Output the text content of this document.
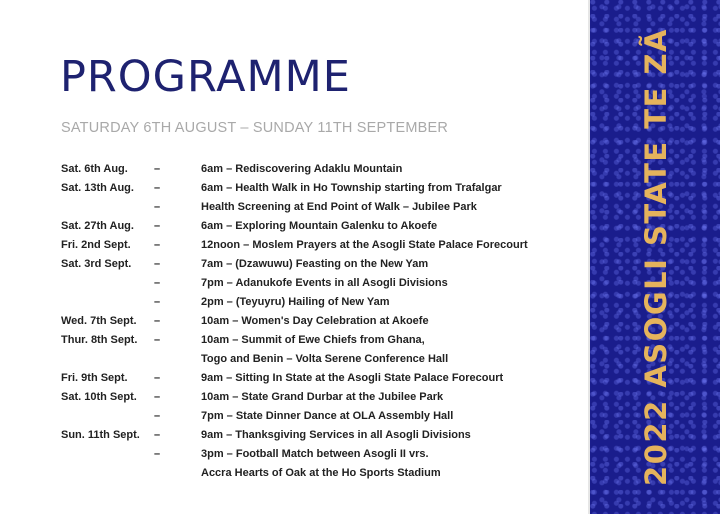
PROGRAMME
SATURDAY 6TH AUGUST – SUNDAY 11TH SEPTEMBER
Sat. 6th Aug. –	6am – Rediscovering Adaklu Mountain
Sat. 13th Aug. –	6am – Health Walk in Ho Township starting from Trafalgar
–	Health Screening at End Point of Walk – Jubilee Park
Sat. 27th Aug. –	6am – Exploring Mountain Galenku to Akoefe
Fri. 2nd Sept. –	12noon – Moslem Prayers at the Asogli State Palace Forecourt
Sat. 3rd Sept. –	7am – (Dzawuwu) Feasting on the New Yam
–	7pm – Adanukofe Events in all Asogli Divisions
–	2pm – (Teyuyru) Hailing of New Yam
Wed. 7th Sept. –	10am – Women's Day Celebration at Akoefe
Thur. 8th Sept. –	10am – Summit of Ewe Chiefs from Ghana,
Togo and Benin – Volta Serene Conference Hall
Fri. 9th Sept. –	9am – Sitting In State at the Asogli State Palace Forecourt
Sat. 10th Sept. –	10am – State Grand Durbar at the Jubilee Park
–	7pm – State Dinner Dance at OLA Assembly Hall
Sun. 11th Sept. –	9am – Thanksgiving Services in all Asogli Divisions
–	3pm – Football Match between Asogli II vrs.
Accra Hearts of Oak at the Ho Sports Stadium	2022 ASOGLI STATE TE ZÃ
